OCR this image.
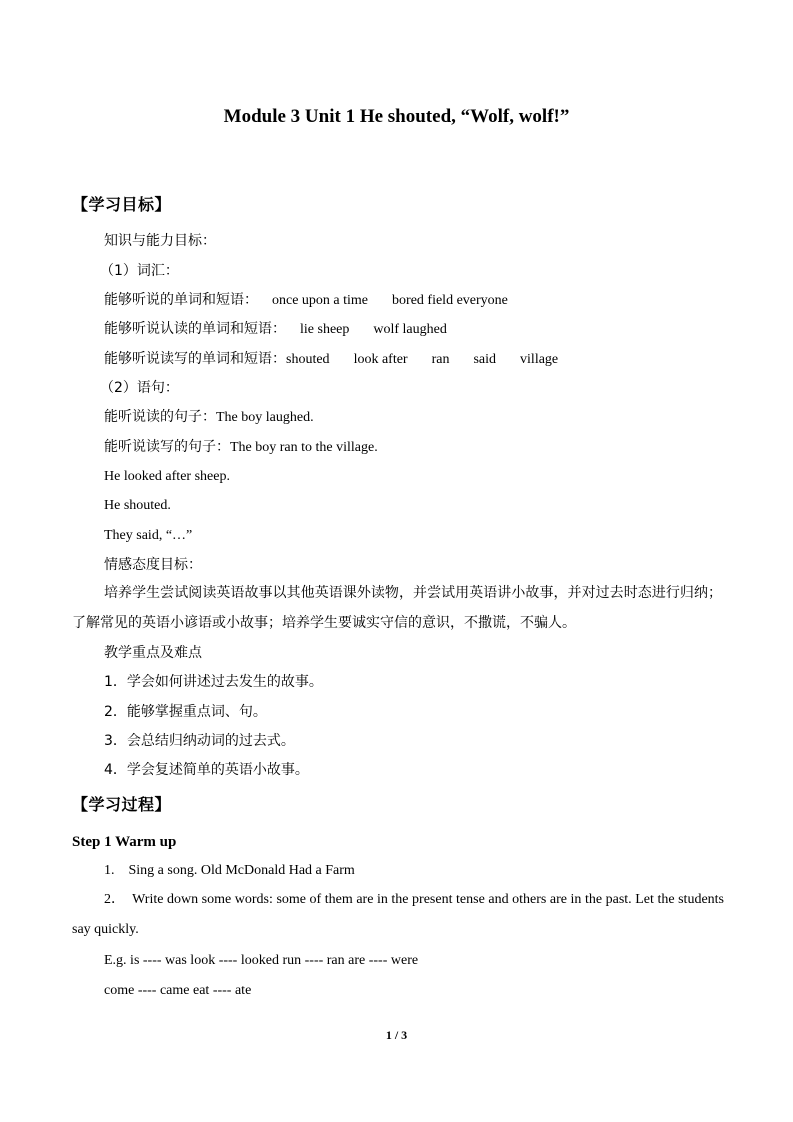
Module 3 Unit 1 He shouted, “Wolf, wolf!”
【学习目标】

知识与能力目标：

（1）词汇：

能够听说的单词和短语： once upon a time bored field everyone

能够听说认读的单词和短语： lie sheep wolf laughed

能够听说读写的单词和短语：shouted look after ran said village

（2）语句：

能听说读的句子：The boy laughed.

能听说读写的句子：The boy ran to the village.

He looked after sheep.

He shouted.

They said, “…”

情感态度目标：

培养学生尝试阅读英语故事以其他英语课外读物，并尝试用英语讲小故事，并对过去时态进行归纳；了解常见的英语小谚语或小故事；培养学生要诚实守信的意识，不撒谎，不骗人。

教学重点及难点

1．学会如何讲述过去发生的故事。

2．能够掌握重点词、句。

3．会总结归纳动词的过去式。

4．学会复述简单的英语小故事。

【学习过程】
Step 1 Warm up

1.　Sing a song. Old McDonald Had a Farm

2．　Write down some words: some of them are in the present tense and others are in the past. Let the students say quickly.

E.g. is ---- was look ---- looked run ---- ran are ---- were

come ---- came eat ---- ate

1 / 3
